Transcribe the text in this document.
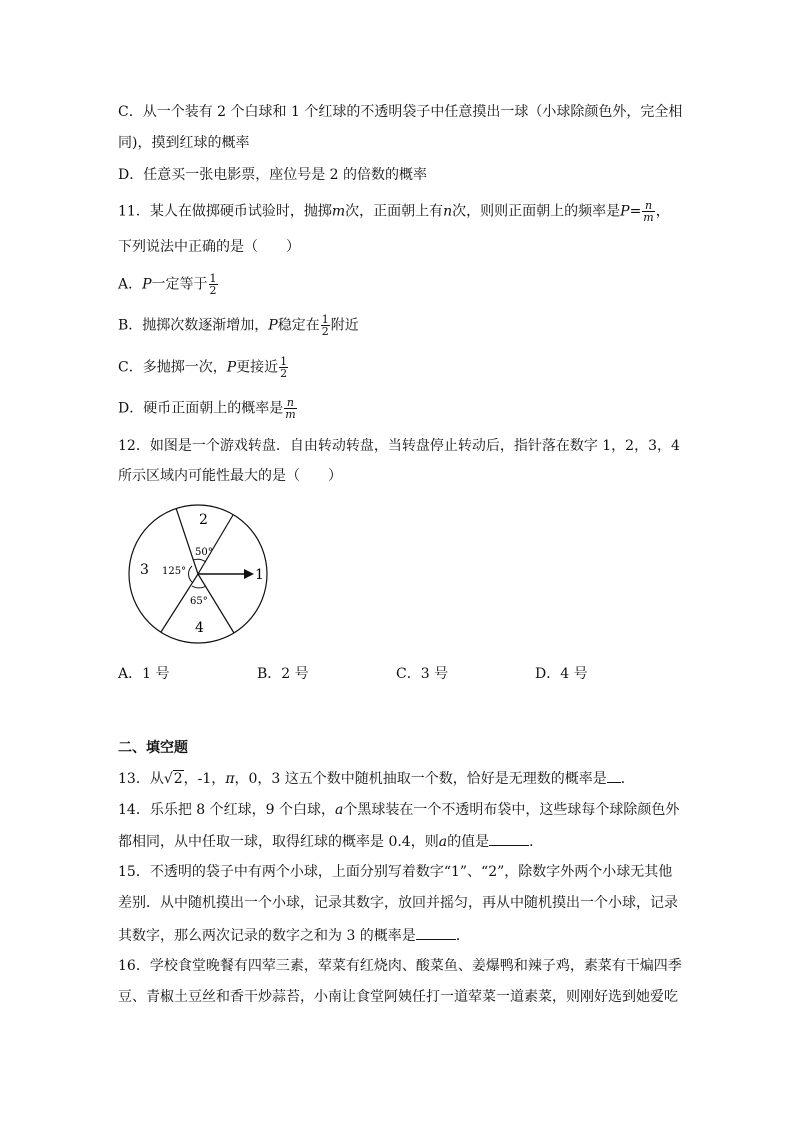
C．从一个装有 2 个白球和 1 个红球的不透明袋子中任意摸出一球（小球除颜色外，完全相
同)，摸到红球的概率
D．任意买一张电影票，座位号是 2 的倍数的概率
11．某人在做掷硬币试验时，抛掷m次，正面朝上有n次，则则正面朝上的频率是$P= \frac{n}{m}$ ，
下列说法中正确的是（　　）
A．P一定等于 $\frac{1}{2}$
B．抛掷次数逐渐增加，P稳定在 $\frac{1}{2}$ 附近
C．多抛掷一次，P更接近 $\frac{1}{2}$
D．硬币正面朝上的概率是 $\frac{n}{m}$
12．如图是一个游戏转盘．自由转动转盘，当转盘停止转动后，指针落在数字 1，2，3，4
所示区域内可能性最大的是（　　）
1
2
3
4
50°
125°
65°
A．1 号	B．2 号	C．3 号	D．4 号
二、填空题
13．从√2，-1，π，0，3 这五个数中随机抽取一个数，恰好是无理数的概率是 ．
14．乐乐把 8 个红球，9 个白球，a个黑球装在一个不透明布袋中，这些球每个球除颜色外
都相同，从中任取一球，取得红球的概率是 0.4，则a的值是	．
15．不透明的袋子中有两个小球，上面分别写着数字“1”、“2”，除数字外两个小球无其他
差别．从中随机摸出一个小球，记录其数字，放回并摇匀，再从中随机摸出一个小球，记录
其数字，那么两次记录的数字之和为 3 的概率是	．
16．学校食堂晚餐有四荤三素，荤菜有红烧肉、酸菜鱼、姜爆鸭和辣子鸡，素菜有干煸四季
豆、青椒土豆丝和香干炒蒜苔，小南让食堂阿姨任打一道荤菜一道素菜，则刚好选到她爱吃
